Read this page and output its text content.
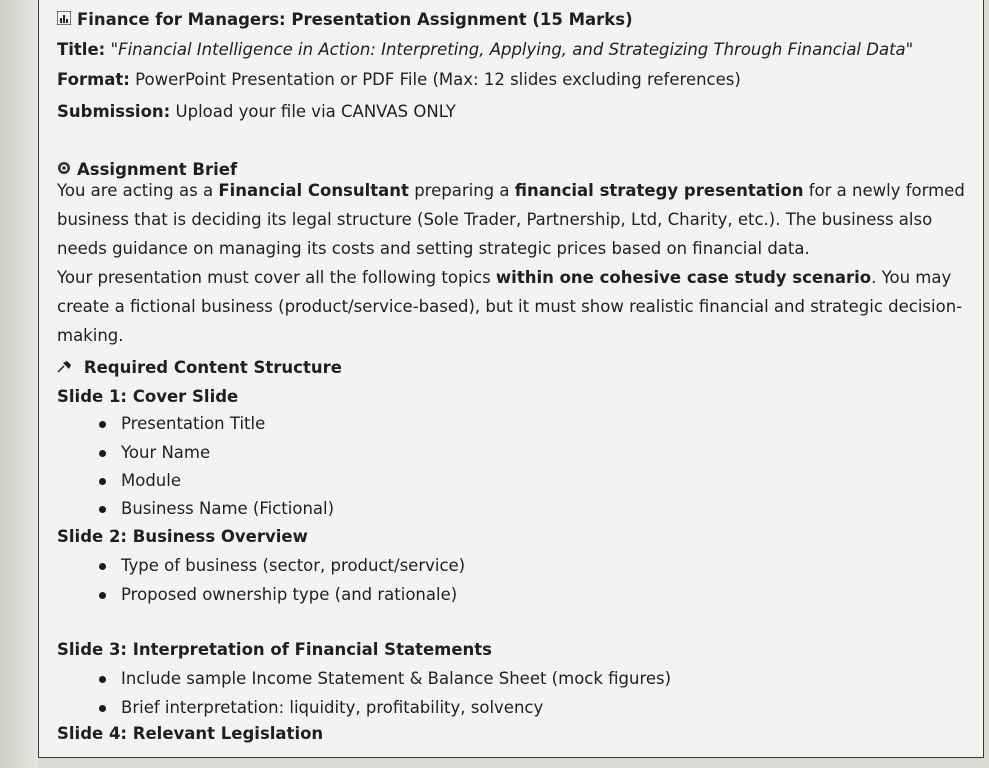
Finance for Managers: Presentation Assignment (15 Marks)
Title: "Financial Intelligence in Action: Interpreting, Applying, and Strategizing Through Financial Data"
Format: PowerPoint Presentation or PDF File (Max: 12 slides excluding references)
Submission: Upload your file via CANVAS ONLY
Assignment Brief
You are acting as a Financial Consultant preparing a financial strategy presentation for a newly formed business that is deciding its legal structure (Sole Trader, Partnership, Ltd, Charity, etc.). The business also needs guidance on managing its costs and setting strategic prices based on financial data.
Your presentation must cover all the following topics within one cohesive case study scenario. You may create a fictional business (product/service-based), but it must show realistic financial and strategic decision-making.
Required Content Structure
Slide 1: Cover Slide
Presentation Title
Your Name
Module
Business Name (Fictional)
Slide 2: Business Overview
Type of business (sector, product/service)
Proposed ownership type (and rationale)
Slide 3: Interpretation of Financial Statements
Include sample Income Statement & Balance Sheet (mock figures)
Brief interpretation: liquidity, profitability, solvency
Slide 4: Relevant Legislation
